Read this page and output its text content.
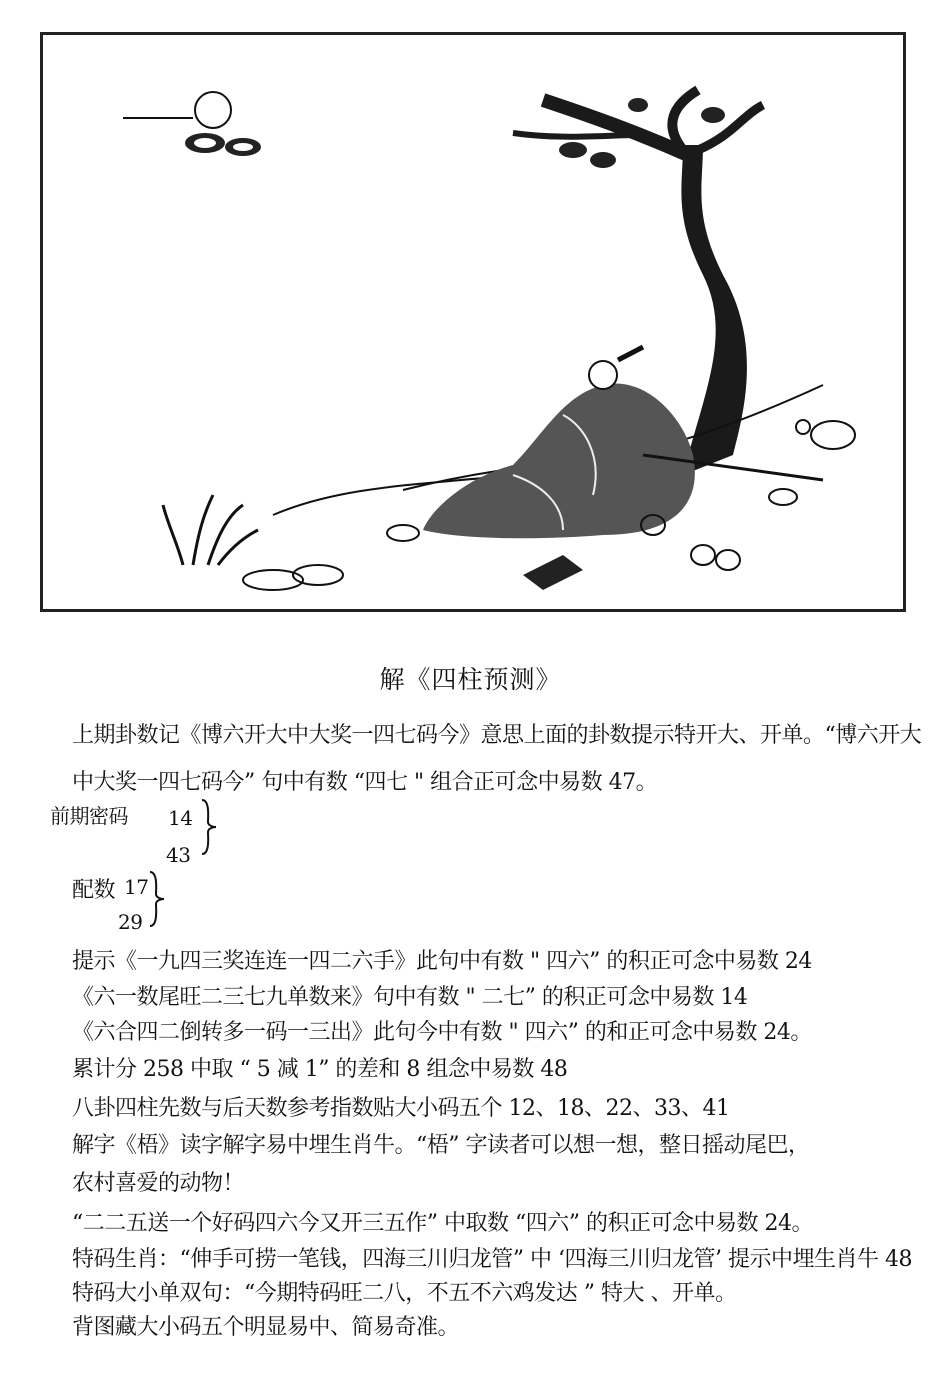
解《四柱预测》
上期卦数记《博六开大中大奖一四七码今》意思上面的卦数提示特开大、开单。“博六开大
中大奖一四七码今” 句中有数 “四七 " 组合正可念中易数 47。
前期密码 14
43
配数 17
29
提示《一九四三奖连连一四二六手》此句中有数 " 四六” 的积正可念中易数 24
《六一数尾旺二三七九单数来》句中有数 " 二七” 的积正可念中易数 14
《六合四二倒转多一码一三出》此句今中有数 " 四六” 的和正可念中易数 24。
累计分 258 中取 “ 5 减 1” 的差和 8 组念中易数 48
八卦四柱先数与后天数参考指数贴大小码五个 12、18、22、33、41
解字《梧》读字解字易中埋生肖牛。“梧” 字读者可以想一想，整日摇动尾巴，
农村喜爱的动物！
“二二五送一个好码四六今又开三五作” 中取数 “四六” 的积正可念中易数 24。
特码生肖：“伸手可捞一笔钱，四海三川归龙管” 中 ‘四海三川归龙管’ 提示中埋生肖牛 48
特码大小单双句：“今期特码旺二八，不五不六鸡发达 ” 特大 、开单。
背图藏大小码五个明显易中、简易奇准。
